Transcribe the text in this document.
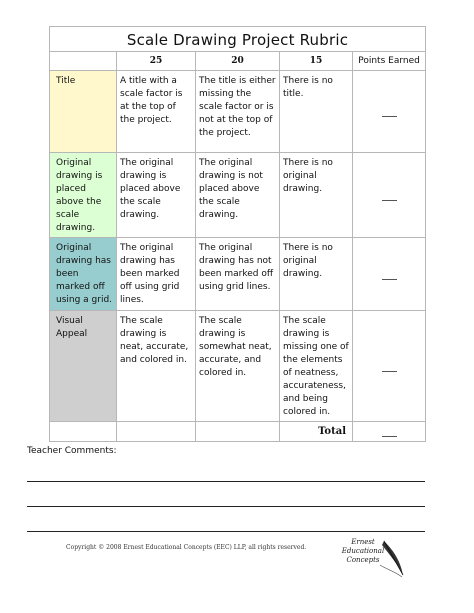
Scale Drawing Project Rubric				
	25	20	15	Points Earned
Title	A title with a scale factor is at the top of the project.	The title is either missing the scale factor or is not at the top of the project.	There is no title.	
Original drawing is placed above the scale drawing.	The original drawing is placed above the scale drawing.	The original drawing is not placed above the scale drawing.	There is no original drawing.	
Original drawing has been marked off using a grid.	The original drawing has been marked off using grid lines.	The original drawing has not been marked off using grid lines.	There is no original drawing.	
Visual Appeal	The scale drawing is neat, accurate, and colored in.	The scale drawing is somewhat neat, accurate, and colored in.	The scale drawing is missing one of the elements of neatness, accurateness, and being colored in.	
			Total	
Teacher Comments:
Copyright © 2008 Ernest Educational Concepts (EEC) LLP, all rights reserved.
Ernest
Educational
Concepts
